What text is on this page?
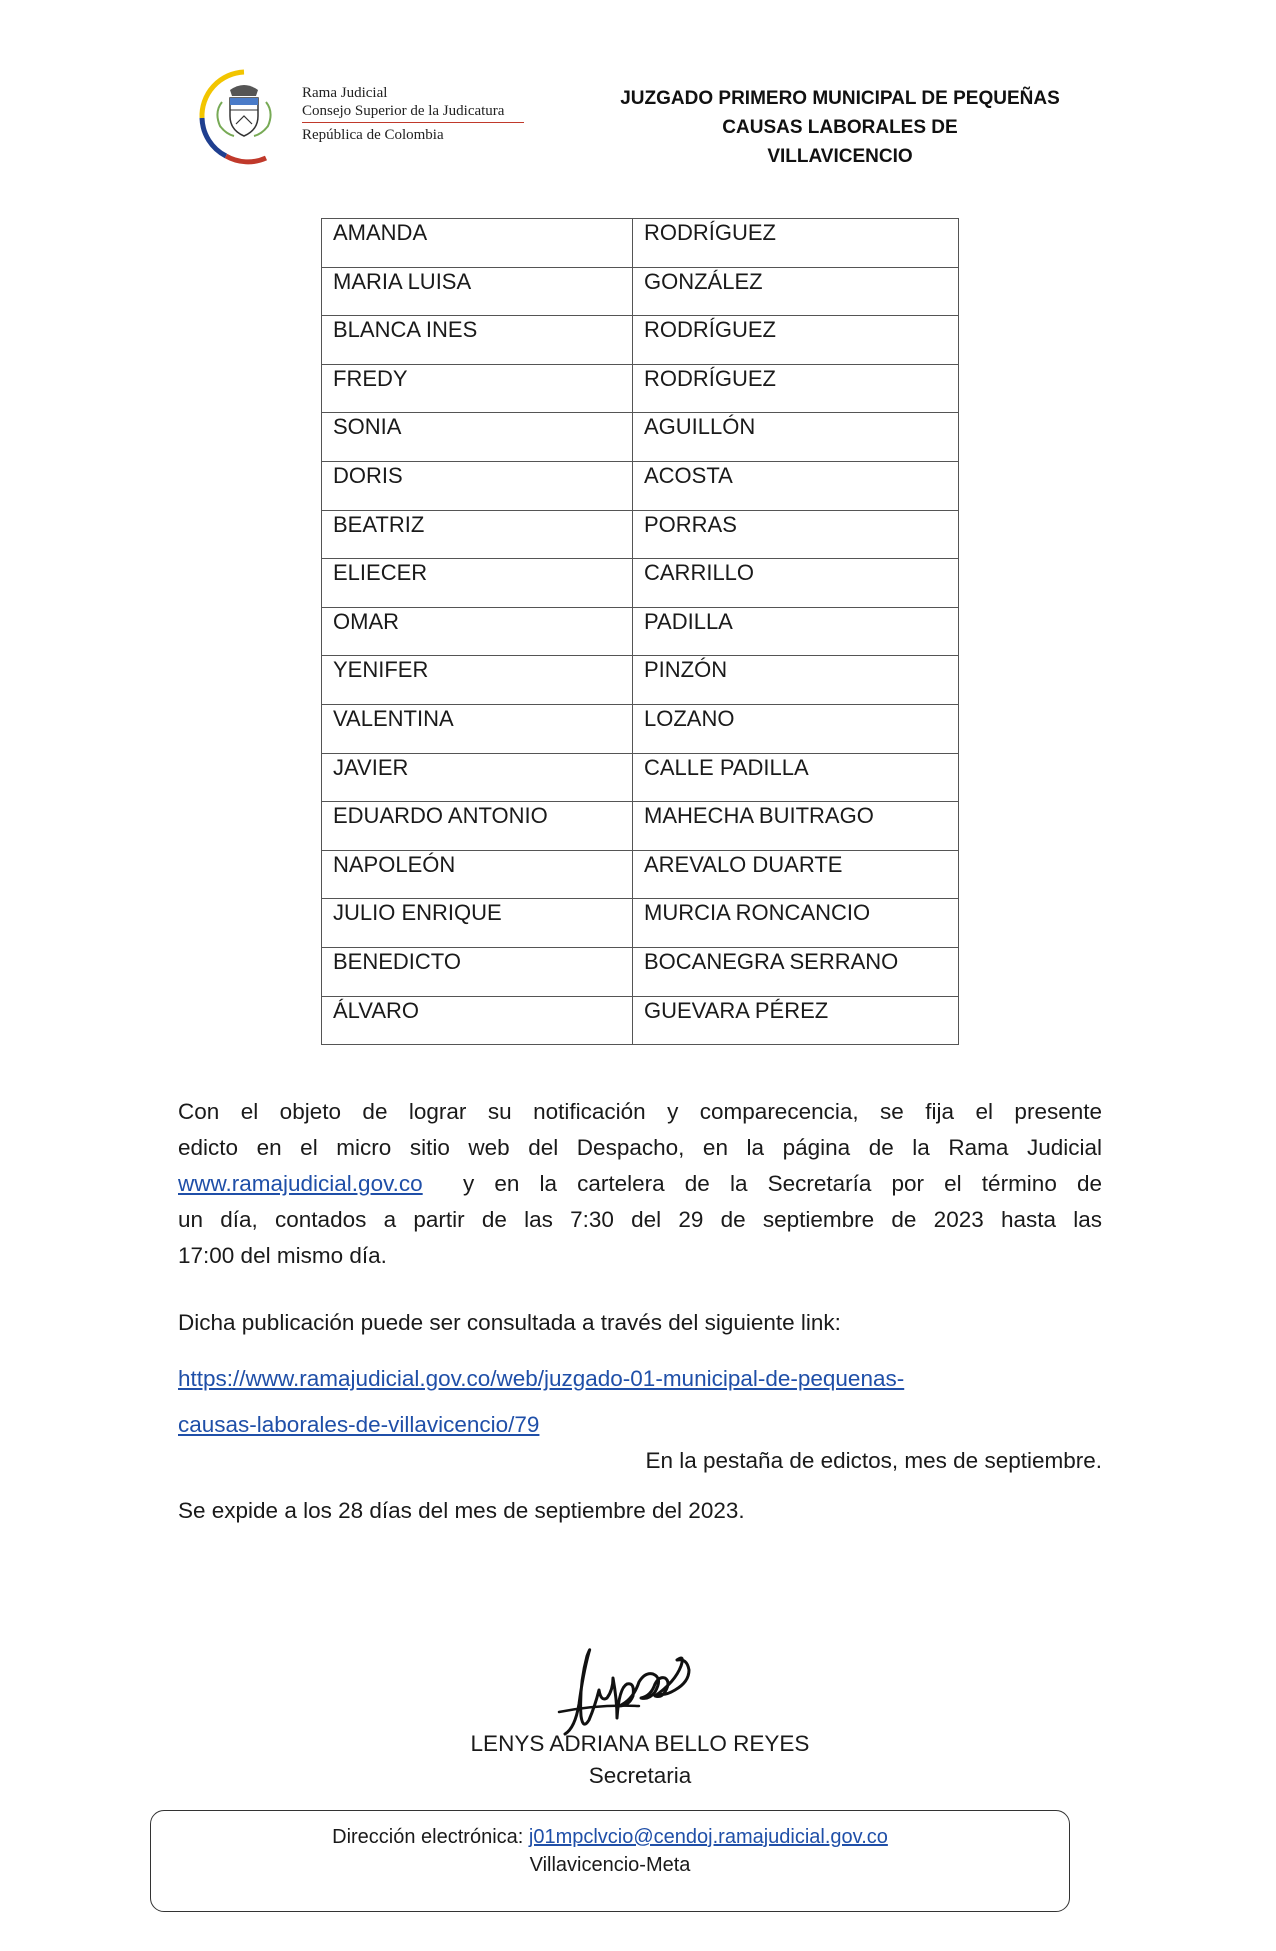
Rama Judicial
Consejo Superior de la Judicatura
República de Colombia
JUZGADO PRIMERO MUNICIPAL DE PEQUEÑAS
CAUSAS LABORALES DE
VILLAVICENCIO
AMANDA	RODRÍGUEZ
MARIA LUISA	GONZÁLEZ
BLANCA INES	RODRÍGUEZ
FREDY	RODRÍGUEZ
SONIA	AGUILLÓN
DORIS	ACOSTA
BEATRIZ	PORRAS
ELIECER	CARRILLO
OMAR	PADILLA
YENIFER	PINZÓN
VALENTINA	LOZANO
JAVIER	CALLE PADILLA
EDUARDO ANTONIO	MAHECHA BUITRAGO
NAPOLEÓN	AREVALO DUARTE
JULIO ENRIQUE	MURCIA RONCANCIO
BENEDICTO	BOCANEGRA SERRANO
ÁLVARO	GUEVARA PÉREZ
Con el objeto de lograr su notificación y comparecencia, se fija el presente
edicto en el micro sitio web del Despacho, en la página de la Rama Judicial
www.ramajudicial.gov.co y en la cartelera de la Secretaría por el término de
un día, contados a partir de las 7:30 del 29 de septiembre de 2023 hasta las
17:00 del mismo día.
Dicha publicación puede ser consultada a través del siguiente link:
https://www.ramajudicial.gov.co/web/juzgado-01-municipal-de-pequenas-
causas-laborales-de-villavicencio/79
En la pestaña de edictos, mes de septiembre.
Se expide a los 28 días del mes de septiembre del 2023.
LENYS ADRIANA BELLO REYES
Secretaria
Dirección electrónica: j01mpclvcio@cendoj.ramajudicial.gov.co
Villavicencio-Meta
